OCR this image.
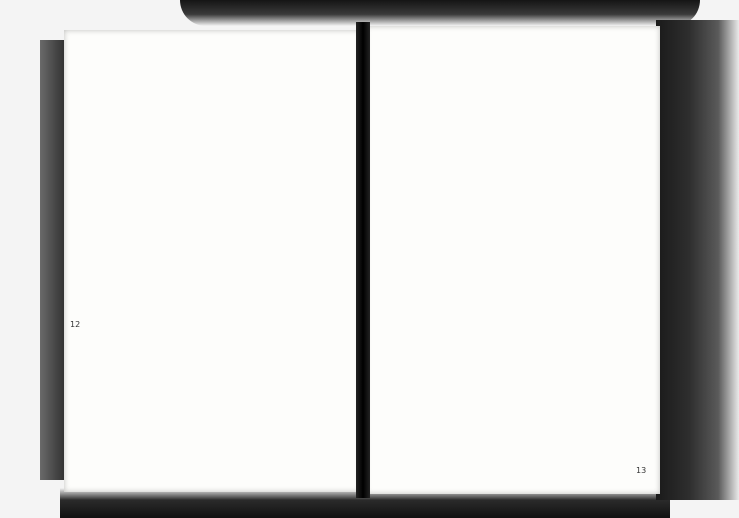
12
13
